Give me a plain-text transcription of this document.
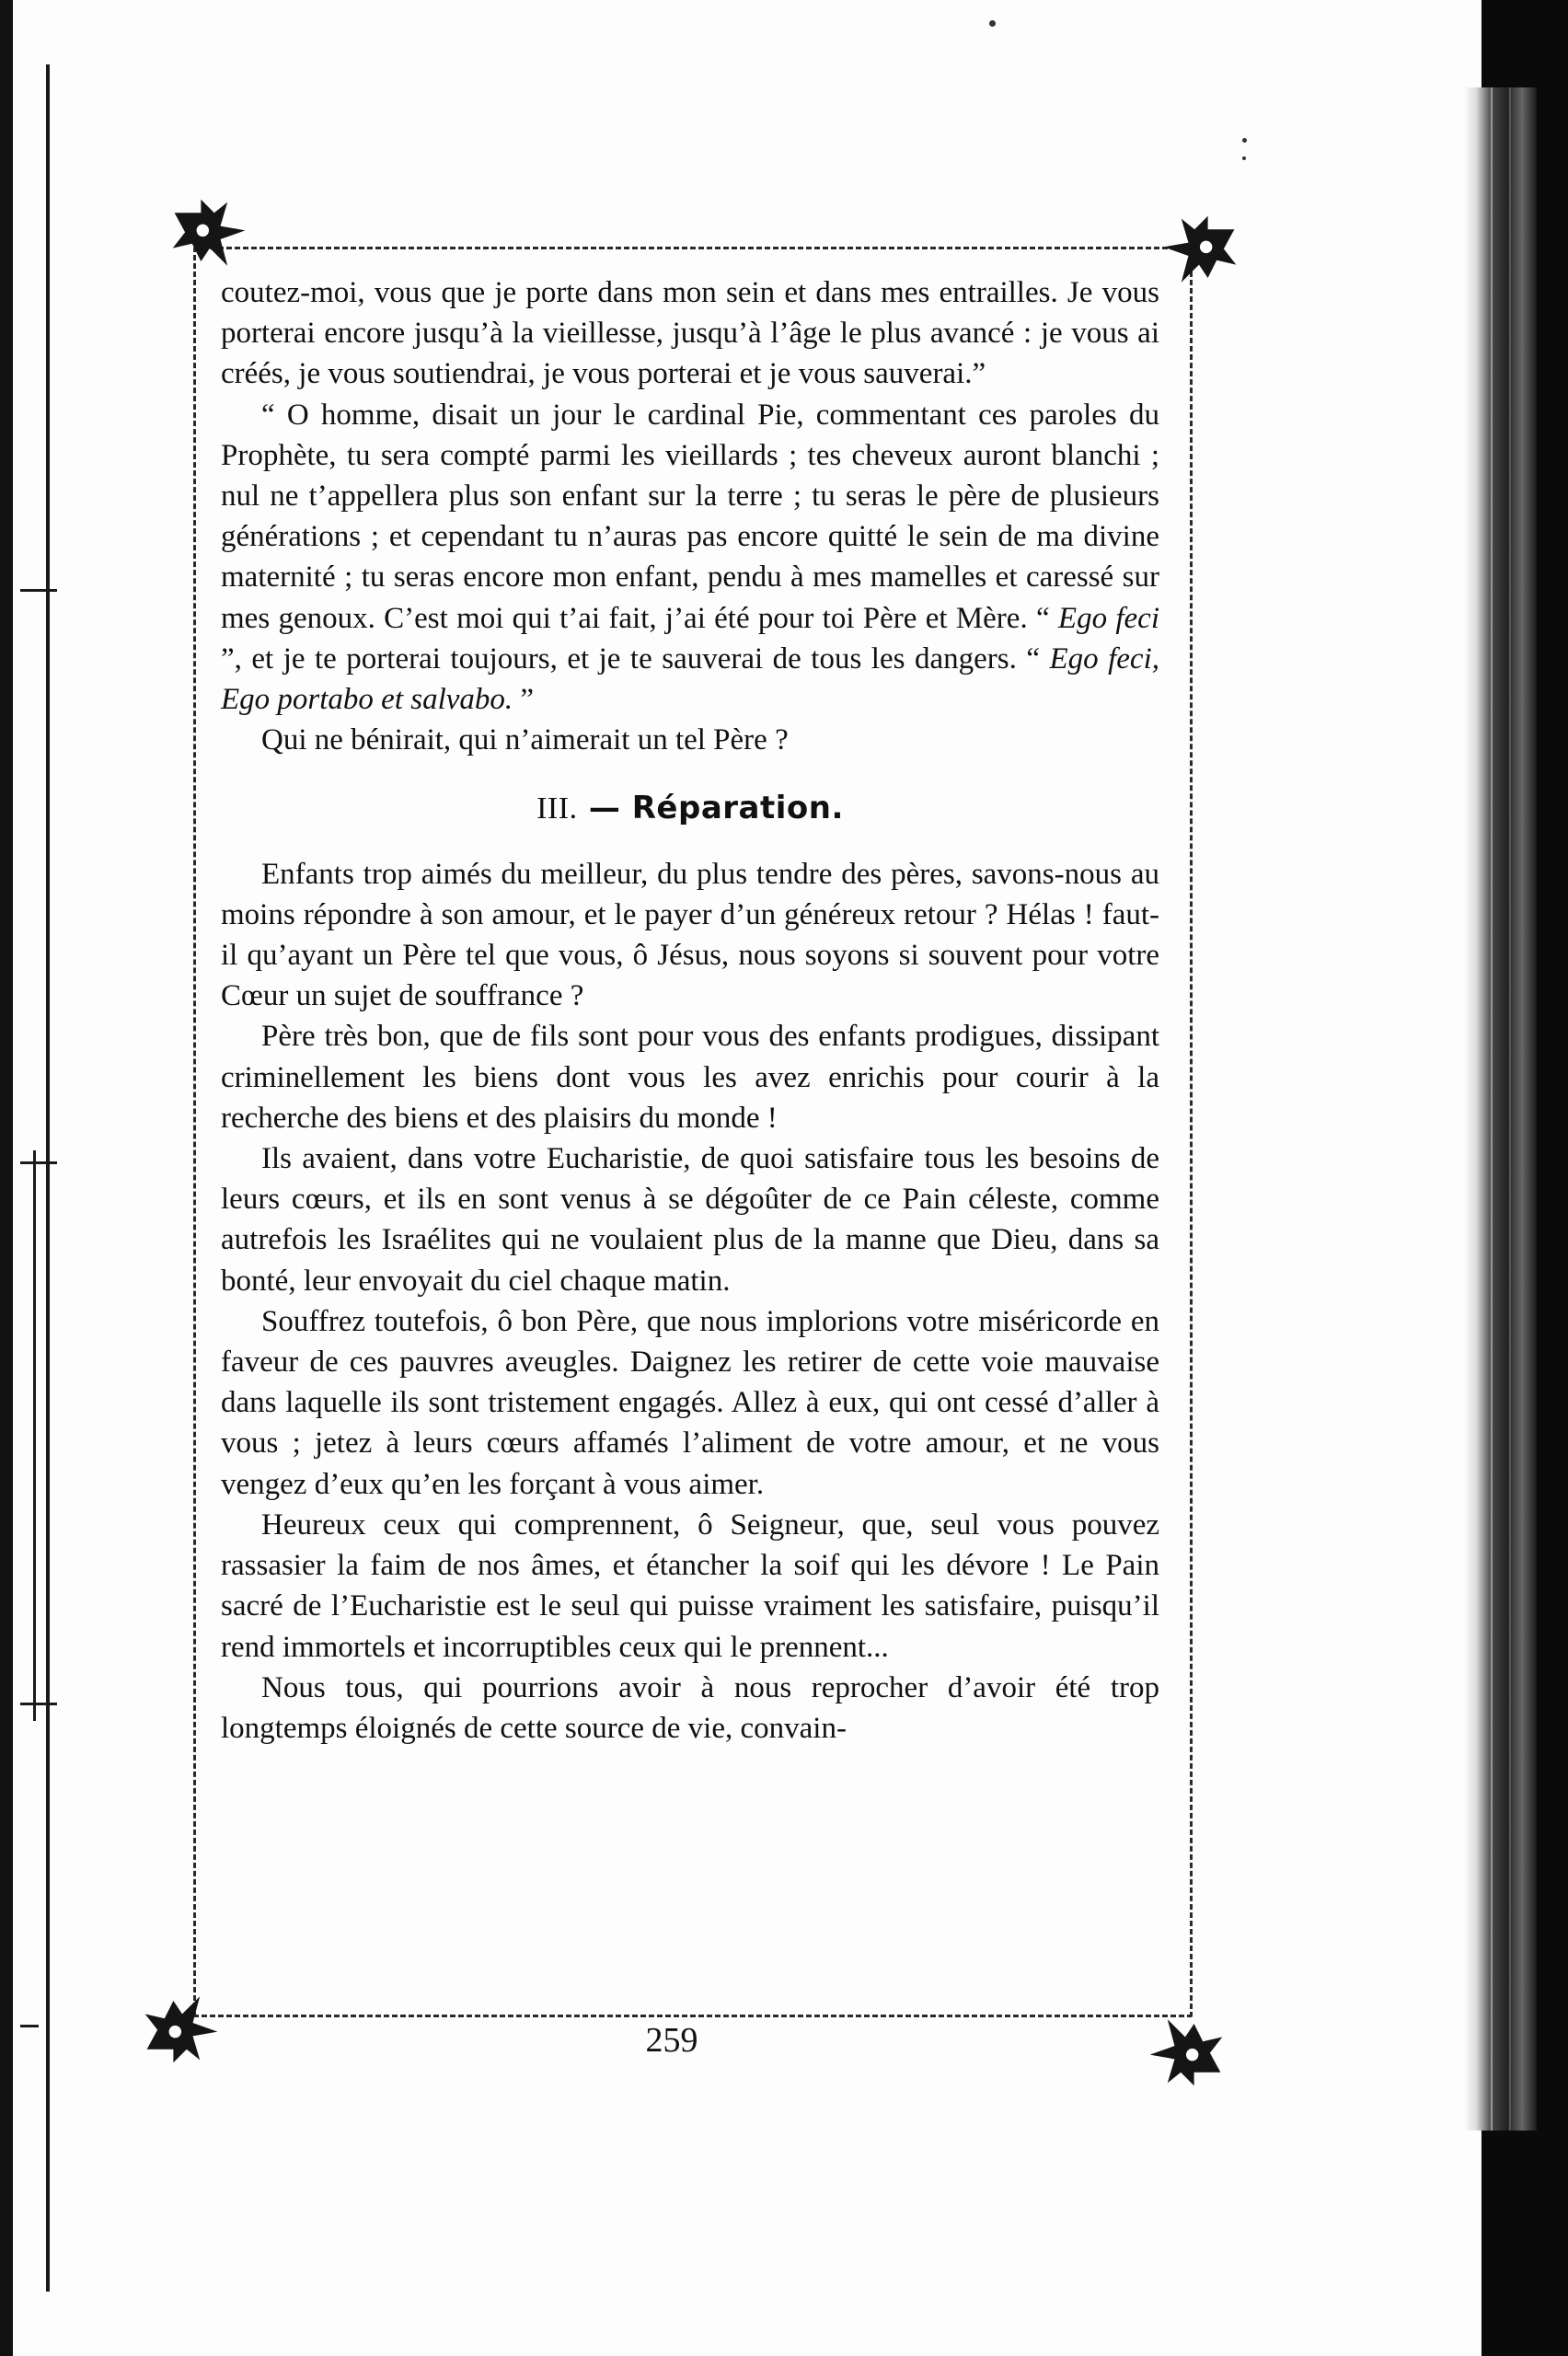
coutez-moi, vous que je porte dans mon sein et dans mes entrailles. Je vous porterai encore jusqu’à la vieillesse, jusqu’à l’âge le plus avancé : je vous ai créés, je vous soutiendrai, je vous porterai et je vous sauverai.”

“ O homme, disait un jour le cardinal Pie, commentant ces paroles du Prophète, tu sera compté parmi les vieillards ; tes cheveux auront blanchi ; nul ne t’appellera plus son enfant sur la terre ; tu seras le père de plusieurs générations ; et cependant tu n’auras pas encore quitté le sein de ma divine maternité ; tu seras encore mon enfant, pendu à mes mamelles et caressé sur mes genoux. C’est moi qui t’ai fait, j’ai été pour toi Père et Mère. “ Ego feci ”, et je te porterai toujours, et je te sauverai de tous les dangers. “ Ego feci, Ego portabo et salvabo. ”

Qui ne bénirait, qui n’aimerait un tel Père ?

III. — Réparation.

Enfants trop aimés du meilleur, du plus tendre des pères, savons-nous au moins répondre à son amour, et le payer d’un généreux retour ? Hélas ! faut-il qu’ayant un Père tel que vous, ô Jésus, nous soyons si souvent pour votre Cœur un sujet de souffrance ?

Père très bon, que de fils sont pour vous des enfants prodigues, dissipant criminellement les biens dont vous les avez enrichis pour courir à la recherche des biens et des plaisirs du monde !

Ils avaient, dans votre Eucharistie, de quoi satisfaire tous les besoins de leurs cœurs, et ils en sont venus à se dégoûter de ce Pain céleste, comme autrefois les Israélites qui ne voulaient plus de la manne que Dieu, dans sa bonté, leur envoyait du ciel chaque matin.

Souffrez toutefois, ô bon Père, que nous implorions votre miséricorde en faveur de ces pauvres aveugles. Daignez les retirer de cette voie mauvaise dans laquelle ils sont tristement engagés. Allez à eux, qui ont cessé d’aller à vous ; jetez à leurs cœurs affamés l’aliment de votre amour, et ne vous vengez d’eux qu’en les forçant à vous aimer.

Heureux ceux qui comprennent, ô Seigneur, que, seul vous pouvez rassasier la faim de nos âmes, et étancher la soif qui les dévore ! Le Pain sacré de l’Eucharistie est le seul qui puisse vraiment les satisfaire, puisqu’il rend immortels et incorruptibles ceux qui le prennent...

Nous tous, qui pourrions avoir à nous reprocher d’avoir été trop longtemps éloignés de cette source de vie, convain-

259
